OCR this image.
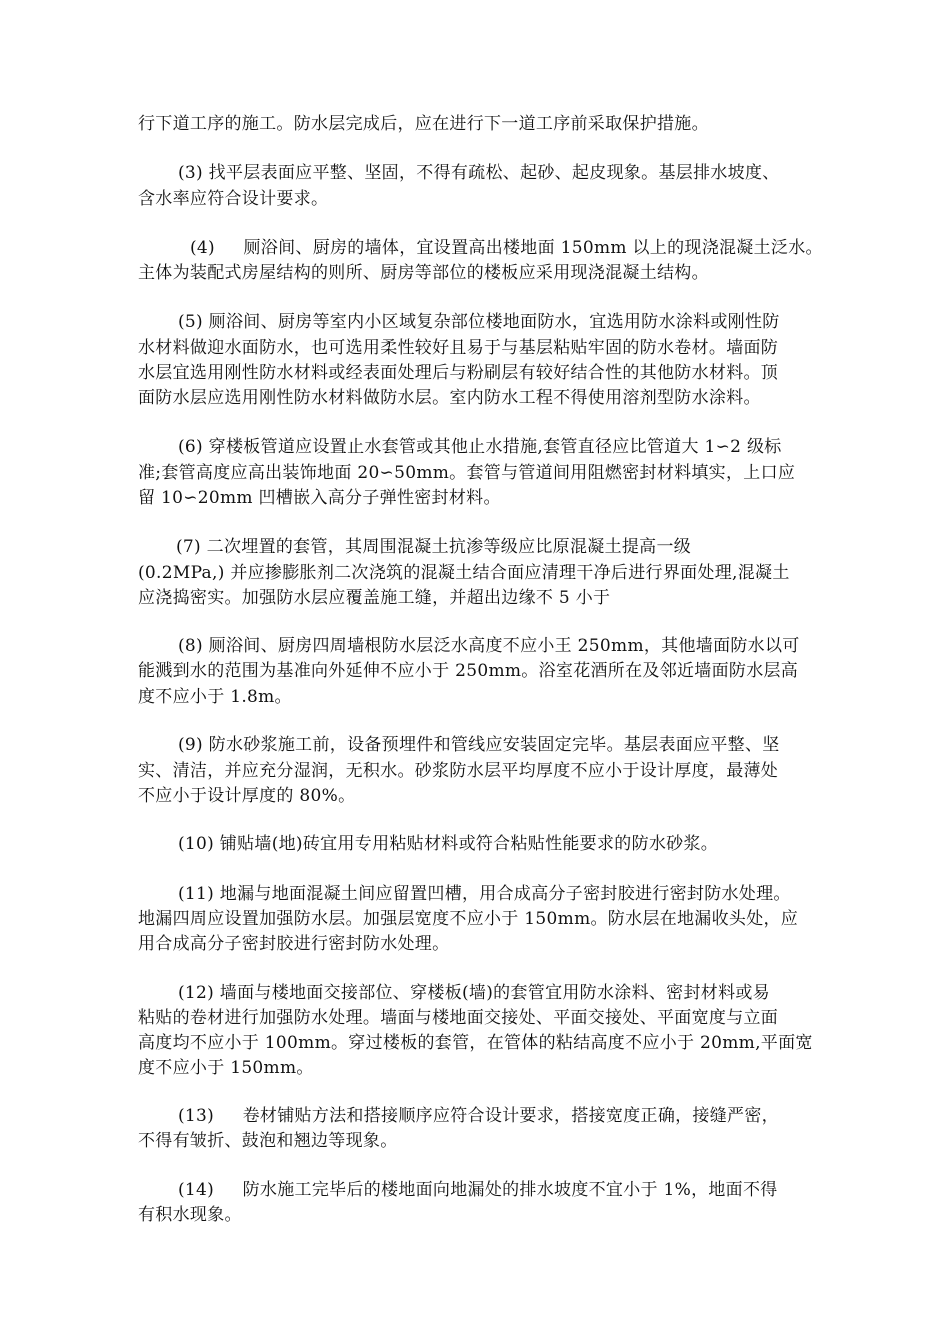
行下道工序的施工。防水层完成后，应在进行下一道工序前采取保护措施。
(3) 找平层表面应平整、坚固，不得有疏松、起砂、起皮现象。基层排水坡度、
含水率应符合设计要求。
(4)     厕浴间、厨房的墙体，宜设置高出楼地面 150mm 以上的现浇混凝土泛水。
主体为装配式房屋结构的则所、厨房等部位的楼板应采用现浇混凝土结构。
(5) 厕浴间、厨房等室内小区域复杂部位楼地面防水，宜选用防水涂料或刚性防
水材料做迎水面防水，也可选用柔性较好且易于与基层粘贴牢固的防水卷材。墙面防
水层宜选用刚性防水材料或经表面处理后与粉刷层有较好结合性的其他防水材料。顶
面防水层应选用刚性防水材料做防水层。室内防水工程不得使用溶剂型防水涂料。
(6) 穿楼板管道应设置止水套管或其他止水措施,套管直径应比管道大 1∽2 级标
准;套管高度应高出装饰地面 20∽50mm。套管与管道间用阻燃密封材料填实，上口应
留 10∽20mm 凹槽嵌入高分子弹性密封材料。
(7) 二次埋置的套管，其周围混凝土抗渗等级应比原混凝土提高一级
(0.2MPa,) 并应掺膨胀剂二次浇筑的混凝土结合面应清理干净后进行界面处理,混凝土
应浇捣密实。加强防水层应覆盖施工缝，并超出边缘不 5 小于
(8) 厕浴间、厨房四周墙根防水层泛水高度不应小王 250mm，其他墙面防水以可
能溅到水的范围为基准向外延伸不应小于 250mm。浴室花酒所在及邻近墙面防水层高
度不应小于 1.8m。
(9) 防水砂浆施工前，设备预埋件和管线应安装固定完毕。基层表面应平整、坚
实、清洁，并应充分湿润，无积水。砂浆防水层平均厚度不应小于设计厚度，最薄处
不应小于设计厚度的 80%。
(10) 铺贴墙(地)砖宜用专用粘贴材料或符合粘贴性能要求的防水砂浆。
(11) 地漏与地面混凝土间应留置凹槽，用合成高分子密封胶进行密封防水处理。
地漏四周应设置加强防水层。加强层宽度不应小于 150mm。防水层在地漏收头处，应
用合成高分子密封胶进行密封防水处理。
(12) 墙面与楼地面交接部位、穿楼板(墙)的套管宜用防水涂料、密封材料或易
粘贴的卷材进行加强防水处理。墙面与楼地面交接处、平面交接处、平面宽度与立面
高度均不应小于 100mm。穿过楼板的套管，在管体的粘结高度不应小于 20mm,平面宽
度不应小于 150mm。
(13)     卷材铺贴方法和搭接顺序应符合设计要求，搭接宽度正确，接缝严密，
不得有皱折、鼓泡和翘边等现象。
(14)     防水施工完毕后的楼地面向地漏处的排水坡度不宜小于 1%，地面不得
有积水现象。
